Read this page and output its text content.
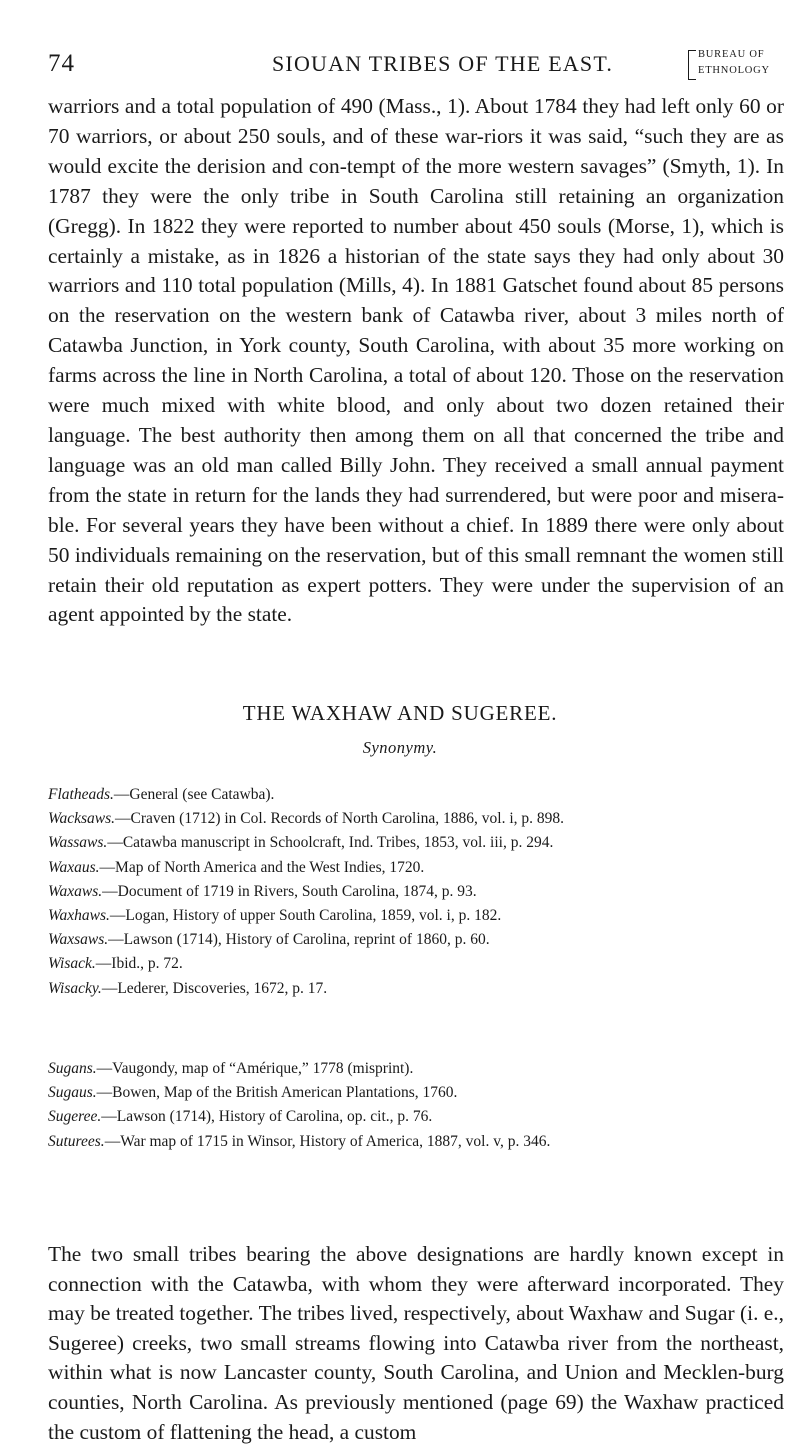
74	SIOUAN TRIBES OF THE EAST.	BUREAU OF
ETHNOLOGY

warriors and a total population of 490 (Mass., 1). About 1784 they had left only 60 or 70 warriors, or about 250 souls, and of these war-riors it was said, “such they are as would excite the derision and con-tempt of the more western savages” (Smyth, 1). In 1787 they were the only tribe in South Carolina still retaining an organization (Gregg). In 1822 they were reported to number about 450 souls (Morse, 1), which is certainly a mistake, as in 1826 a historian of the state says they had only about 30 warriors and 110 total population (Mills, 4). In 1881 Gatschet found about 85 persons on the reservation on the western bank of Catawba river, about 3 miles north of Catawba Junction, in York county, South Carolina, with about 35 more working on farms across the line in North Carolina, a total of about 120. Those on the reservation were much mixed with white blood, and only about two dozen retained their language. The best authority then among them on all that concerned the tribe and language was an old man called Billy John. They received a small annual payment from the state in return for the lands they had surrendered, but were poor and misera-ble. For several years they have been without a chief. In 1889 there were only about 50 individuals remaining on the reservation, but of this small remnant the women still retain their old reputation as expert potters. They were under the supervision of an agent appointed by the state.

THE WAXHAW AND SUGEREE.
Synonymy.
Flatheads.—General (see Catawba).
Wacksaws.—Craven (1712) in Col. Records of North Carolina, 1886, vol. i, p. 898.
Wassaws.—Catawba manuscript in Schoolcraft, Ind. Tribes, 1853, vol. iii, p. 294.
Waxaus.—Map of North America and the West Indies, 1720.
Waxaws.—Document of 1719 in Rivers, South Carolina, 1874, p. 93.
Waxhaws.—Logan, History of upper South Carolina, 1859, vol. i, p. 182.
Waxsaws.—Lawson (1714), History of Carolina, reprint of 1860, p. 60.
Wisack.—Ibid., p. 72.
Wisacky.—Lederer, Discoveries, 1672, p. 17.
Sugans.—Vaugondy, map of “Amérique,” 1778 (misprint).
Sugaus.—Bowen, Map of the British American Plantations, 1760.
Sugeree.—Lawson (1714), History of Carolina, op. cit., p. 76.
Suturees.—War map of 1715 in Winsor, History of America, 1887, vol. v, p. 346.

The two small tribes bearing the above designations are hardly known except in connection with the Catawba, with whom they were afterward incorporated. They may be treated together. The tribes lived, respectively, about Waxhaw and Sugar (i. e., Sugeree) creeks, two small streams flowing into Catawba river from the northeast, within what is now Lancaster county, South Carolina, and Union and Mecklen-burg counties, North Carolina. As previously mentioned (page 69) the Waxhaw practiced the custom of flattening the head, a custom
